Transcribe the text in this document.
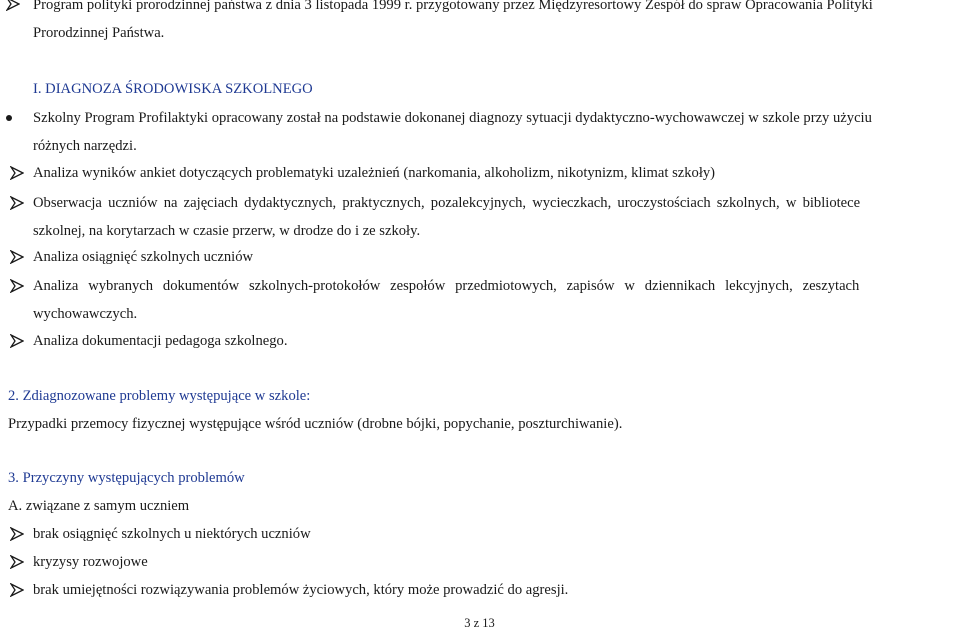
Program polityki prorodzinnej państwa z dnia 3 listopada 1999 r. przygotowany przez Międzyresortowy Zespół do spraw Opracowania Polityki
Prorodzinnej Państwa.
I. DIAGNOZA ŚRODOWISKA SZKOLNEGO
Szkolny Program Profilaktyki opracowany został na podstawie dokonanej diagnozy sytuacji dydaktyczno-wychowawczej w szkole przy użyciu
różnych narzędzi.
Analiza wyników ankiet dotyczących problematyki uzależnień (narkomania, alkoholizm, nikotynizm, klimat szkoły)
Obserwacja uczniów na zajęciach dydaktycznych, praktycznych, pozalekcyjnych, wycieczkach, uroczystościach szkolnych, w bibliotece
szkolnej, na korytarzach w czasie przerw, w drodze do i ze szkoły.
Analiza osiągnięć szkolnych uczniów
Analiza wybranych dokumentów szkolnych-protokołów zespołów przedmiotowych, zapisów w dziennikach lekcyjnych, zeszytach
wychowawczych.
Analiza dokumentacji pedagoga szkolnego.
2. Zdiagnozowane problemy występujące w szkole:
Przypadki przemocy fizycznej występujące wśród uczniów (drobne bójki, popychanie, poszturchiwanie).
3. Przyczyny występujących problemów
A. związane z samym uczniem
brak osiągnięć szkolnych u niektórych uczniów
kryzysy rozwojowe
brak umiejętności rozwiązywania problemów życiowych, który może prowadzić do agresji.
3 z 13
